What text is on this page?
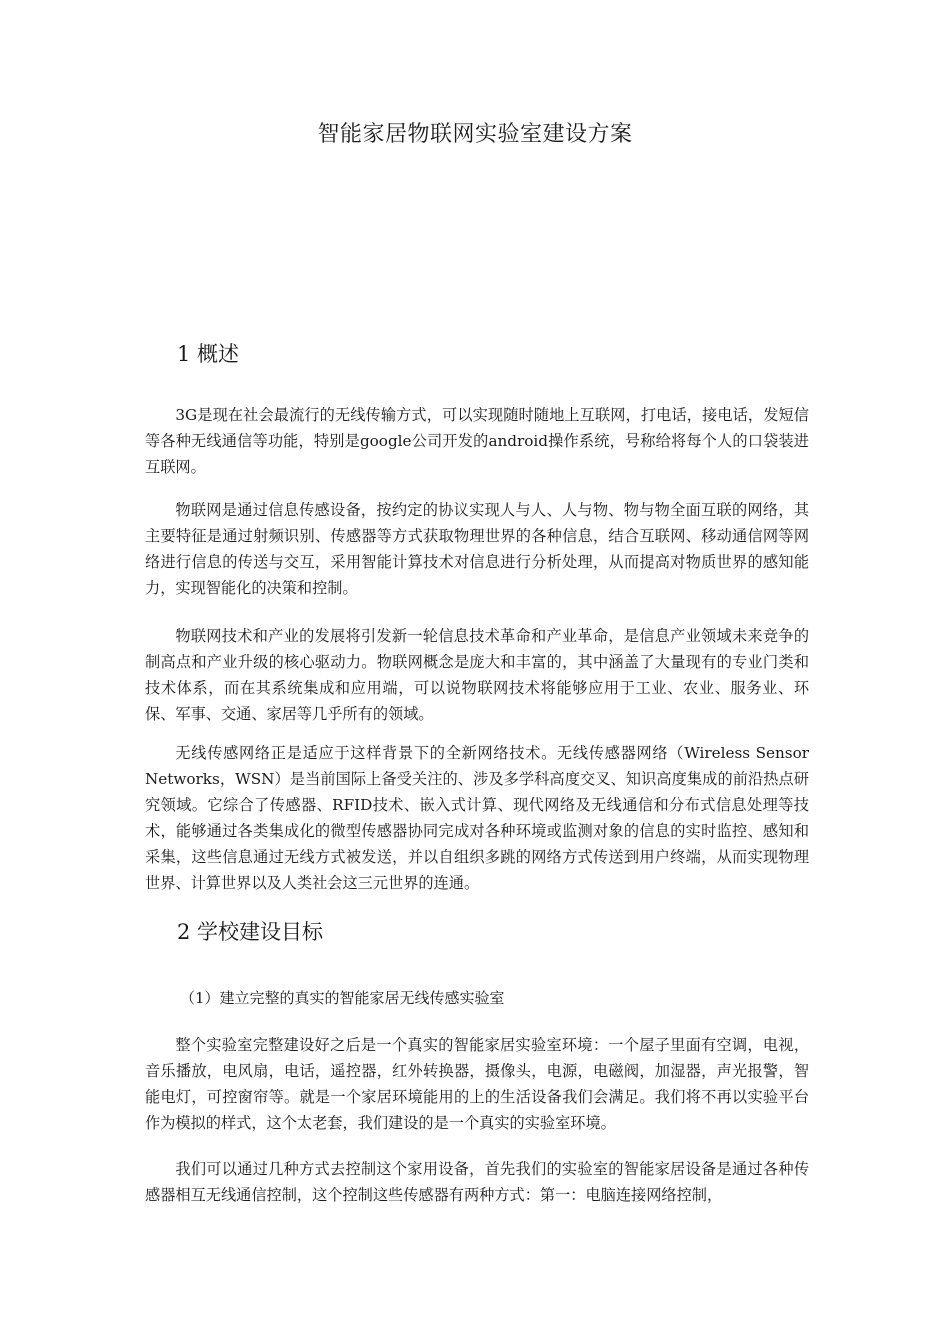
智能家居物联网实验室建设方案
1 概述

3G是现在社会最流行的无线传输方式，可以实现随时随地上互联网，打电话，接电话，发短信等各种无线通信等功能，特别是google公司开发的android操作系统，号称给将每个人的口袋装进互联网。

物联网是通过信息传感设备，按约定的协议实现人与人、人与物、物与物全面互联的网络，其主要特征是通过射频识别、传感器等方式获取物理世界的各种信息，结合互联网、移动通信网等网络进行信息的传送与交互，采用智能计算技术对信息进行分析处理，从而提高对物质世界的感知能力，实现智能化的决策和控制。

物联网技术和产业的发展将引发新一轮信息技术革命和产业革命，是信息产业领域未来竞争的制高点和产业升级的核心驱动力。物联网概念是庞大和丰富的，其中涵盖了大量现有的专业门类和技术体系，而在其系统集成和应用端，可以说物联网技术将能够应用于工业、农业、服务业、环保、军事、交通、家居等几乎所有的领域。

无线传感网络正是适应于这样背景下的全新网络技术。无线传感器网络（Wireless Sensor Networks，WSN）是当前国际上备受关注的、涉及多学科高度交叉、知识高度集成的前沿热点研究领域。它综合了传感器、RFID技术、嵌入式计算、现代网络及无线通信和分布式信息处理等技术，能够通过各类集成化的微型传感器协同完成对各种环境或监测对象的信息的实时监控、感知和采集，这些信息通过无线方式被发送，并以自组织多跳的网络方式传送到用户终端，从而实现物理世界、计算世界以及人类社会这三元世界的连通。

2 学校建设目标
（1）建立完整的真实的智能家居无线传感实验室

整个实验室完整建设好之后是一个真实的智能家居实验室环境：一个屋子里面有空调，电视，音乐播放，电风扇，电话，遥控器，红外转换器，摄像头，电源，电磁阀，加湿器，声光报警，智能电灯，可控窗帘等。就是一个家居环境能用的上的生活设备我们会满足。我们将不再以实验平台作为模拟的样式，这个太老套，我们建设的是一个真实的实验室环境。

我们可以通过几种方式去控制这个家用设备，首先我们的实验室的智能家居设备是通过各种传感器相互无线通信控制，这个控制这些传感器有两种方式：第一：电脑连接网络控制，
